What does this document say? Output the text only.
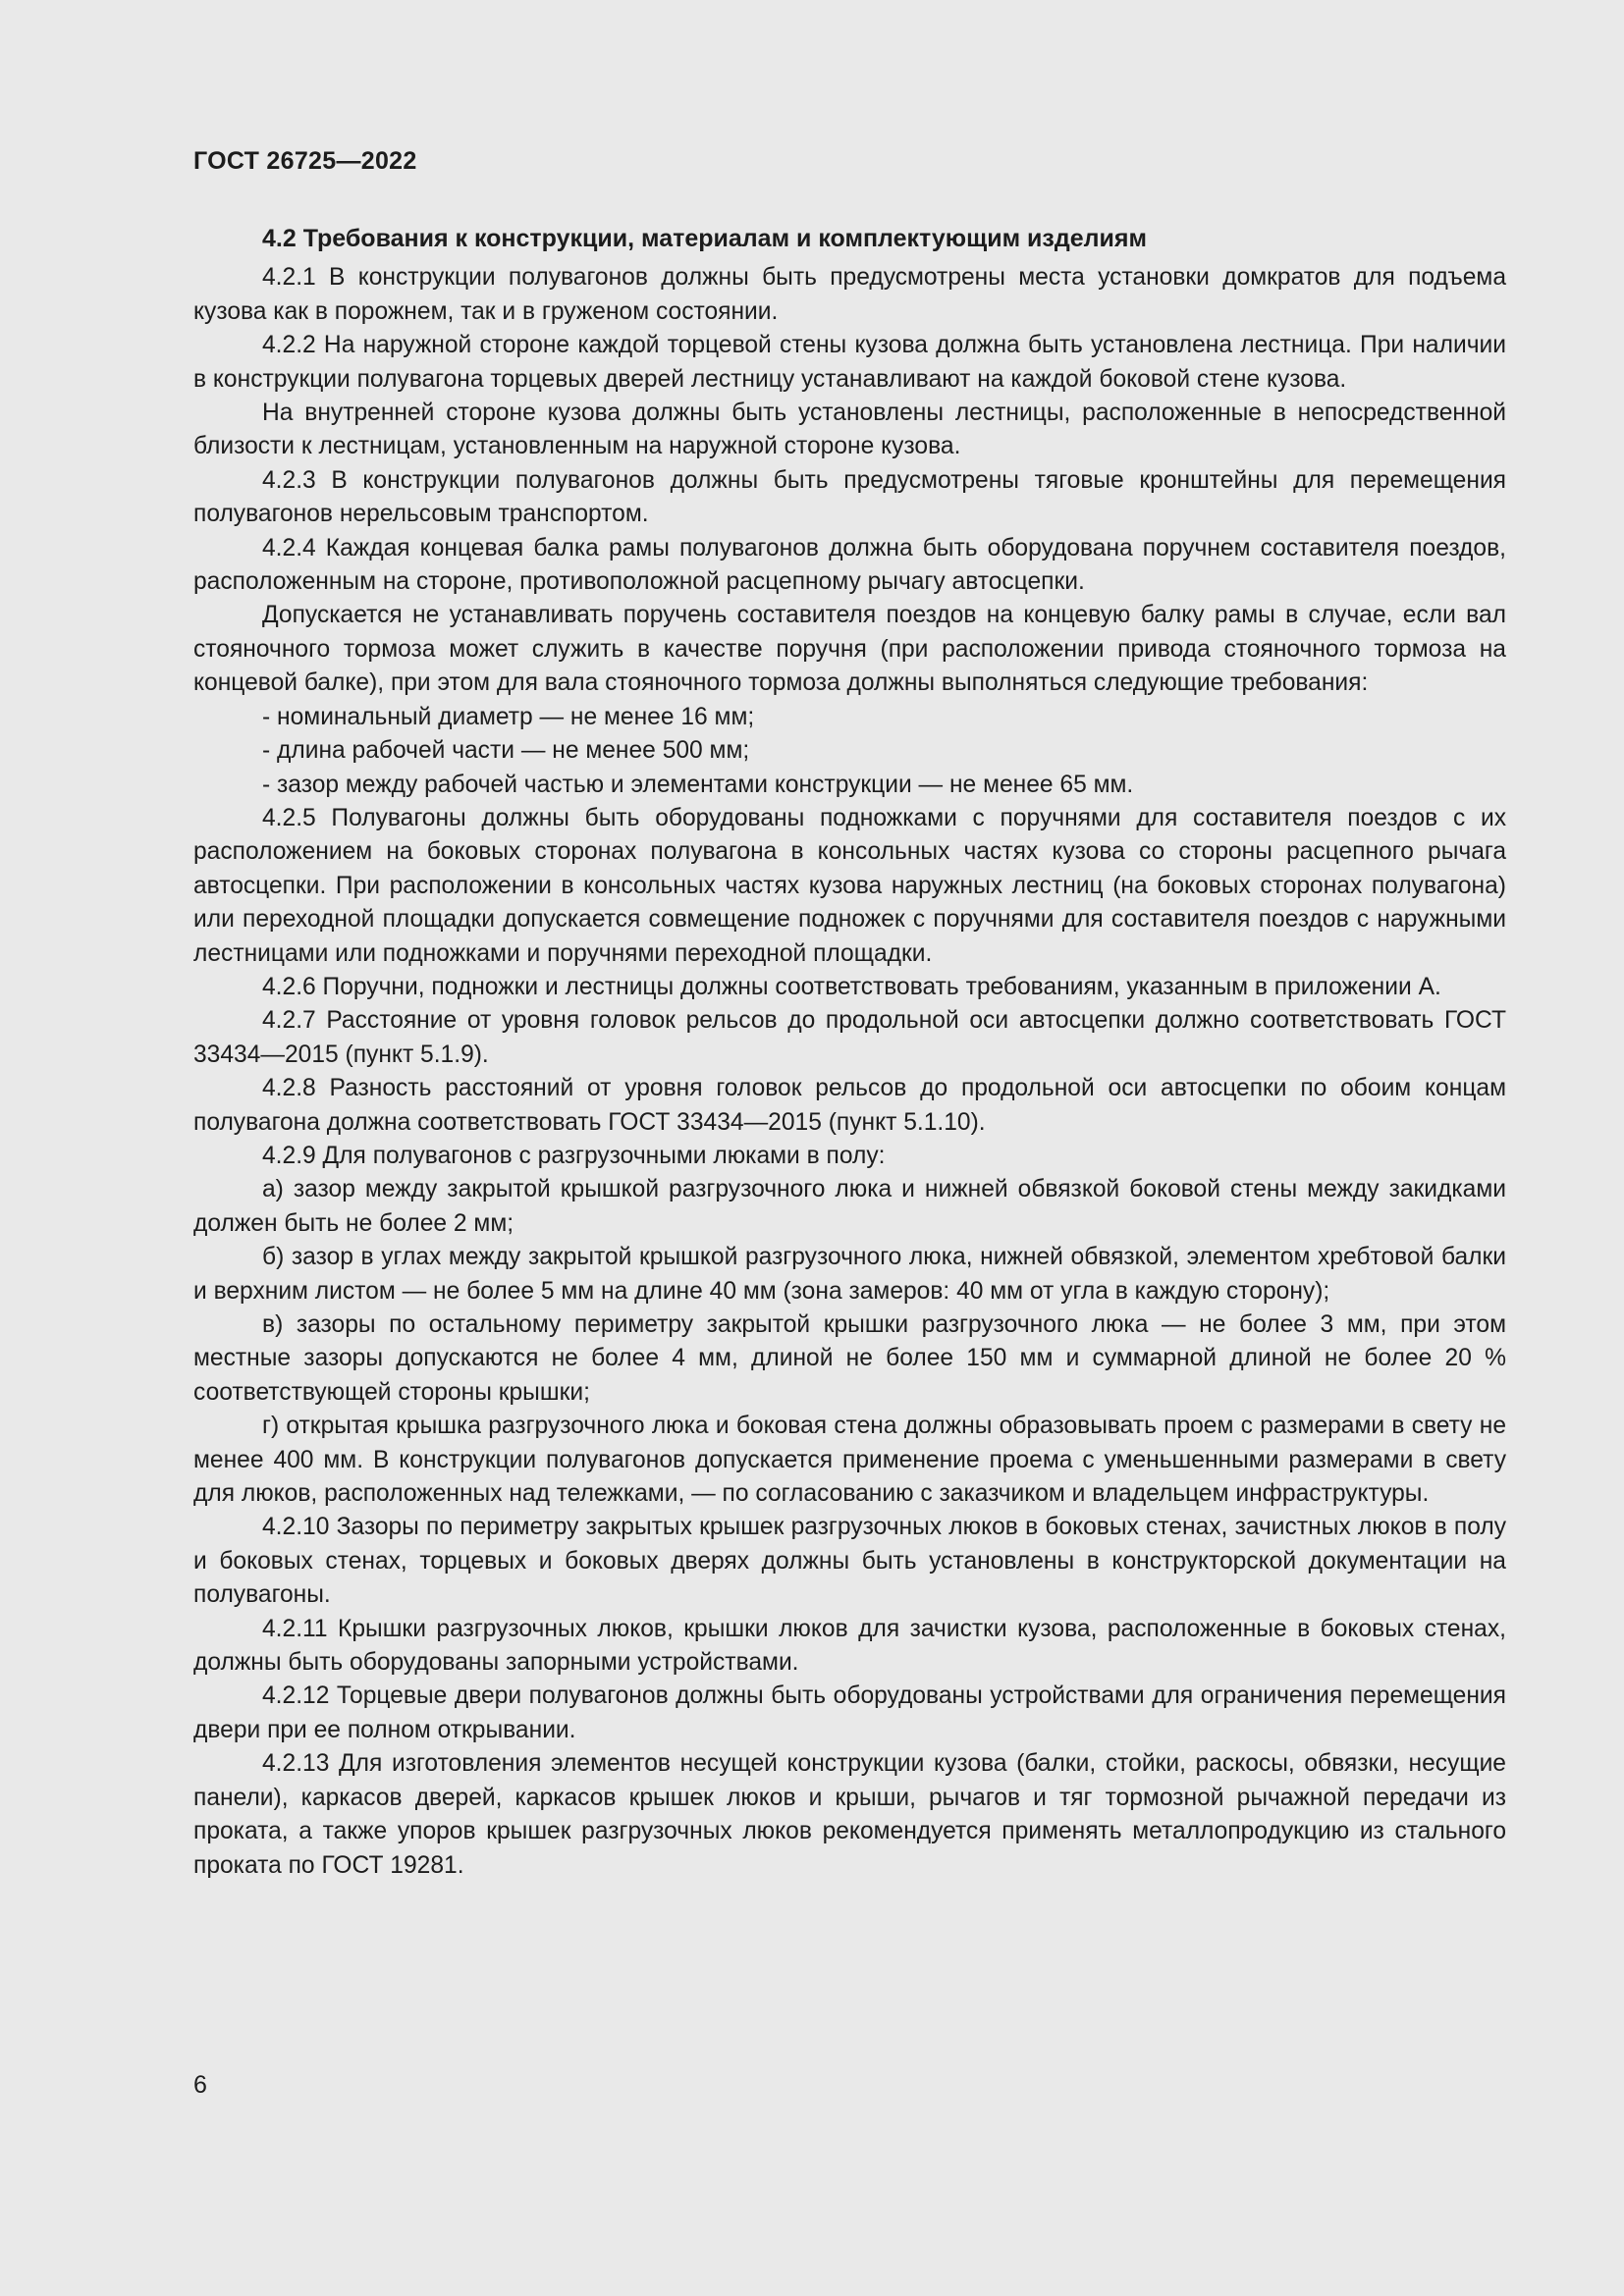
ГОСТ 26725—2022
4.2 Требования к конструкции, материалам и комплектующим изделиям

4.2.1 В конструкции полувагонов должны быть предусмотрены места установки домкратов для подъема кузова как в порожнем, так и в груженом состоянии.

4.2.2 На наружной стороне каждой торцевой стены кузова должна быть установлена лестница. При наличии в конструкции полувагона торцевых дверей лестницу устанавливают на каждой боковой стене кузова.

На внутренней стороне кузова должны быть установлены лестницы, расположенные в непосредственной близости к лестницам, установленным на наружной стороне кузова.

4.2.3 В конструкции полувагонов должны быть предусмотрены тяговые кронштейны для перемещения полувагонов нерельсовым транспортом.

4.2.4 Каждая концевая балка рамы полувагонов должна быть оборудована поручнем составителя поездов, расположенным на стороне, противоположной расцепному рычагу автосцепки.

Допускается не устанавливать поручень составителя поездов на концевую балку рамы в случае, если вал стояночного тормоза может служить в качестве поручня (при расположении привода стояночного тормоза на концевой балке), при этом для вала стояночного тормоза должны выполняться следующие требования:

- номинальный диаметр — не менее 16 мм;

- длина рабочей части — не менее 500 мм;

- зазор между рабочей частью и элементами конструкции — не менее 65 мм.

4.2.5 Полувагоны должны быть оборудованы подножками с поручнями для составителя поездов с их расположением на боковых сторонах полувагона в консольных частях кузова со стороны расцепного рычага автосцепки. При расположении в консольных частях кузова наружных лестниц (на боковых сторонах полувагона) или переходной площадки допускается совмещение подножек с поручнями для составителя поездов с наружными лестницами или подножками и поручнями переходной площадки.

4.2.6 Поручни, подножки и лестницы должны соответствовать требованиям, указанным в приложении А.

4.2.7 Расстояние от уровня головок рельсов до продольной оси автосцепки должно соответствовать ГОСТ 33434—2015 (пункт 5.1.9).

4.2.8 Разность расстояний от уровня головок рельсов до продольной оси автосцепки по обоим концам полувагона должна соответствовать ГОСТ 33434—2015 (пункт 5.1.10).

4.2.9 Для полувагонов с разгрузочными люками в полу:

а) зазор между закрытой крышкой разгрузочного люка и нижней обвязкой боковой стены между закидками должен быть не более 2 мм;

б) зазор в углах между закрытой крышкой разгрузочного люка, нижней обвязкой, элементом хребтовой балки и верхним листом — не более 5 мм на длине 40 мм (зона замеров: 40 мм от угла в каждую сторону);

в) зазоры по остальному периметру закрытой крышки разгрузочного люка — не более 3 мм, при этом местные зазоры допускаются не более 4 мм, длиной не более 150 мм и суммарной длиной не более 20 % соответствующей стороны крышки;

г) открытая крышка разгрузочного люка и боковая стена должны образовывать проем с размерами в свету не менее 400 мм. В конструкции полувагонов допускается применение проема с уменьшенными размерами в свету для люков, расположенных над тележками, — по согласованию с заказчиком и владельцем инфраструктуры.

4.2.10 Зазоры по периметру закрытых крышек разгрузочных люков в боковых стенах, зачистных люков в полу и боковых стенах, торцевых и боковых дверях должны быть установлены в конструкторской документации на полувагоны.

4.2.11 Крышки разгрузочных люков, крышки люков для зачистки кузова, расположенные в боковых стенах, должны быть оборудованы запорными устройствами.

4.2.12 Торцевые двери полувагонов должны быть оборудованы устройствами для ограничения перемещения двери при ее полном открывании.

4.2.13 Для изготовления элементов несущей конструкции кузова (балки, стойки, раскосы, обвязки, несущие панели), каркасов дверей, каркасов крышек люков и крыши, рычагов и тяг тормозной рычажной передачи из проката, а также упоров крышек разгрузочных люков рекомендуется применять металлопродукцию из стального проката по ГОСТ 19281.

6
